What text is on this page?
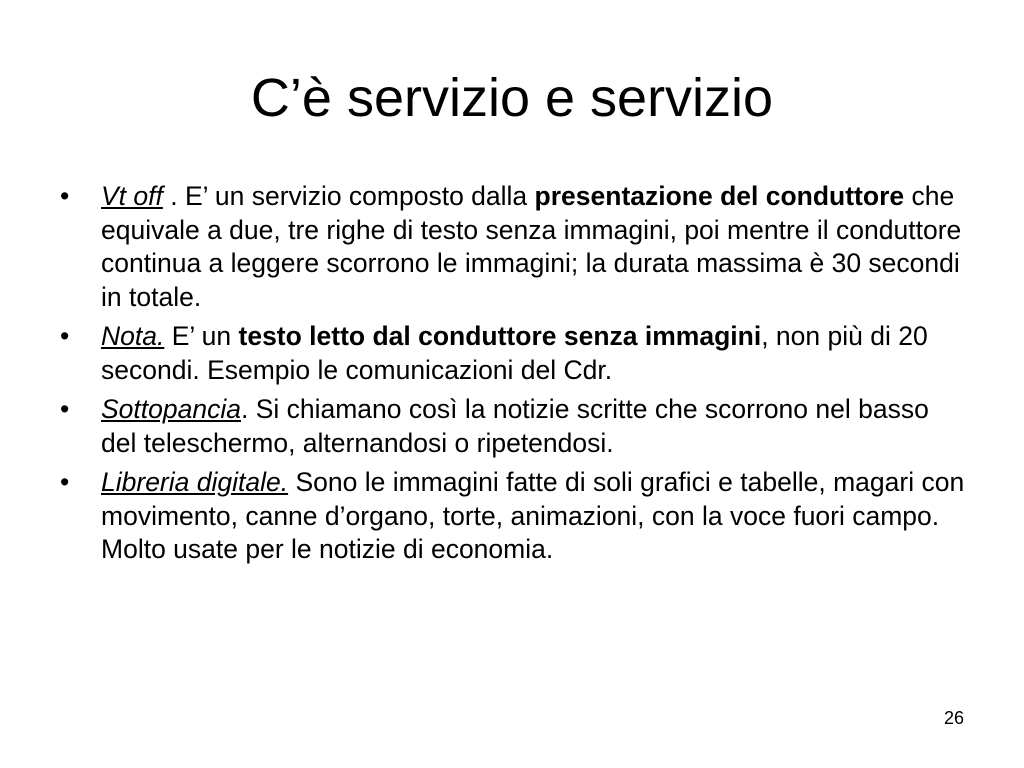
C’è servizio e servizio
• Vt off . E’ un servizio composto dalla presentazione del conduttore che equivale a due, tre righe di testo senza immagini, poi mentre il conduttore continua a leggere scorrono le immagini; la durata massima è 30 secondi in totale.
• Nota. E’ un testo letto dal conduttore senza immagini, non più di 20 secondi. Esempio le comunicazioni del Cdr.
• Sottopancia. Si chiamano così la notizie scritte che scorrono nel basso del teleschermo, alternandosi o ripetendosi.
• Libreria digitale. Sono le immagini fatte di soli grafici e tabelle, magari con movimento, canne d’organo, torte, animazioni, con la voce fuori campo. Molto usate per le notizie di economia.
26
